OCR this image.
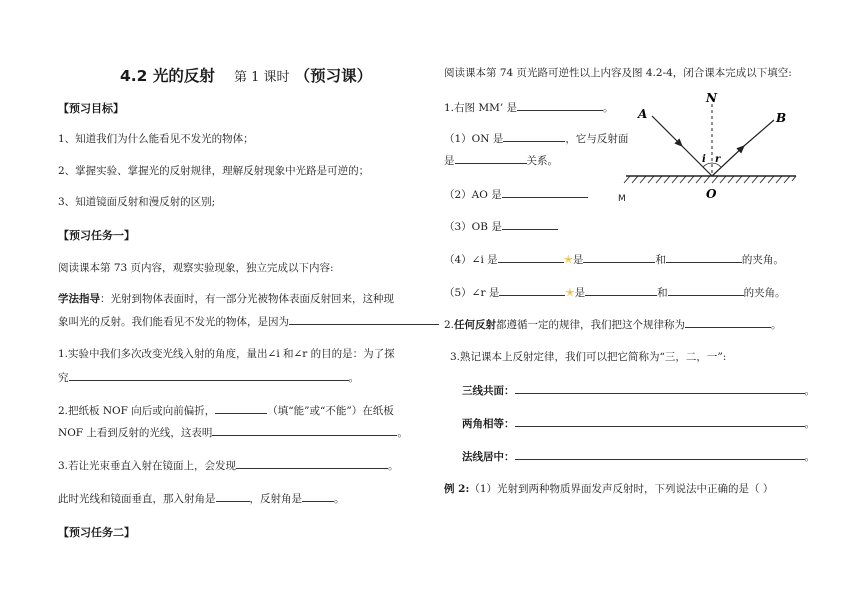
4.2 光的反射 第 1 课时 （预习课）
【预习目标】
1、知道我们为什么能看见不发光的物体；
2、掌握实验、掌握光的反射规律，理解反射现象中光路是可逆的；
3、知道镜面反射和漫反射的区别;
【预习任务一】
阅读课本第 73 页内容，观察实验现象，独立完成以下内容:
学法指导：光射到物体表面时，有一部分光被物体表面反射回来，这种现
象叫光的反射。我们能看见不发光的物体，是因为
1.实验中我们多次改变光线入射的角度，量出∠i 和∠r 的目的是：为了探
究	。
2.把纸板 NOF 向后或向前偏折，	（填“能”或“不能”）在纸板
NOF 上看到反射的光线，这表明	。
3.若让光束垂直入射在镜面上，会发现	。
此时光线和镜面垂直，那入射角是	，反射角是	。
【预习任务二】
阅读课本第 74 页光路可逆性以上内容及图 4.2-4，闭合课本完成以下填空:
1.右图 MM’ 是	。
（1）ON 是	，它与反射面
是	关系。
（2）AO 是
（3）OB 是
（4）∠i 是	✭是	和	的夹角。
（5）∠r 是	✭是	和	的夹角。
2.任何反射都遵循一定的规律，我们把这个规律称为	。
3.熟记课本上反射定律，我们可以把它简称为“三，二，一”:
三线共面：	。
两角相等：	。
法线居中：	。
例 2:（1）光射到两种物质界面发声反射时，下列说法中正确的是（ ）
A
N
B
O
i r
M
